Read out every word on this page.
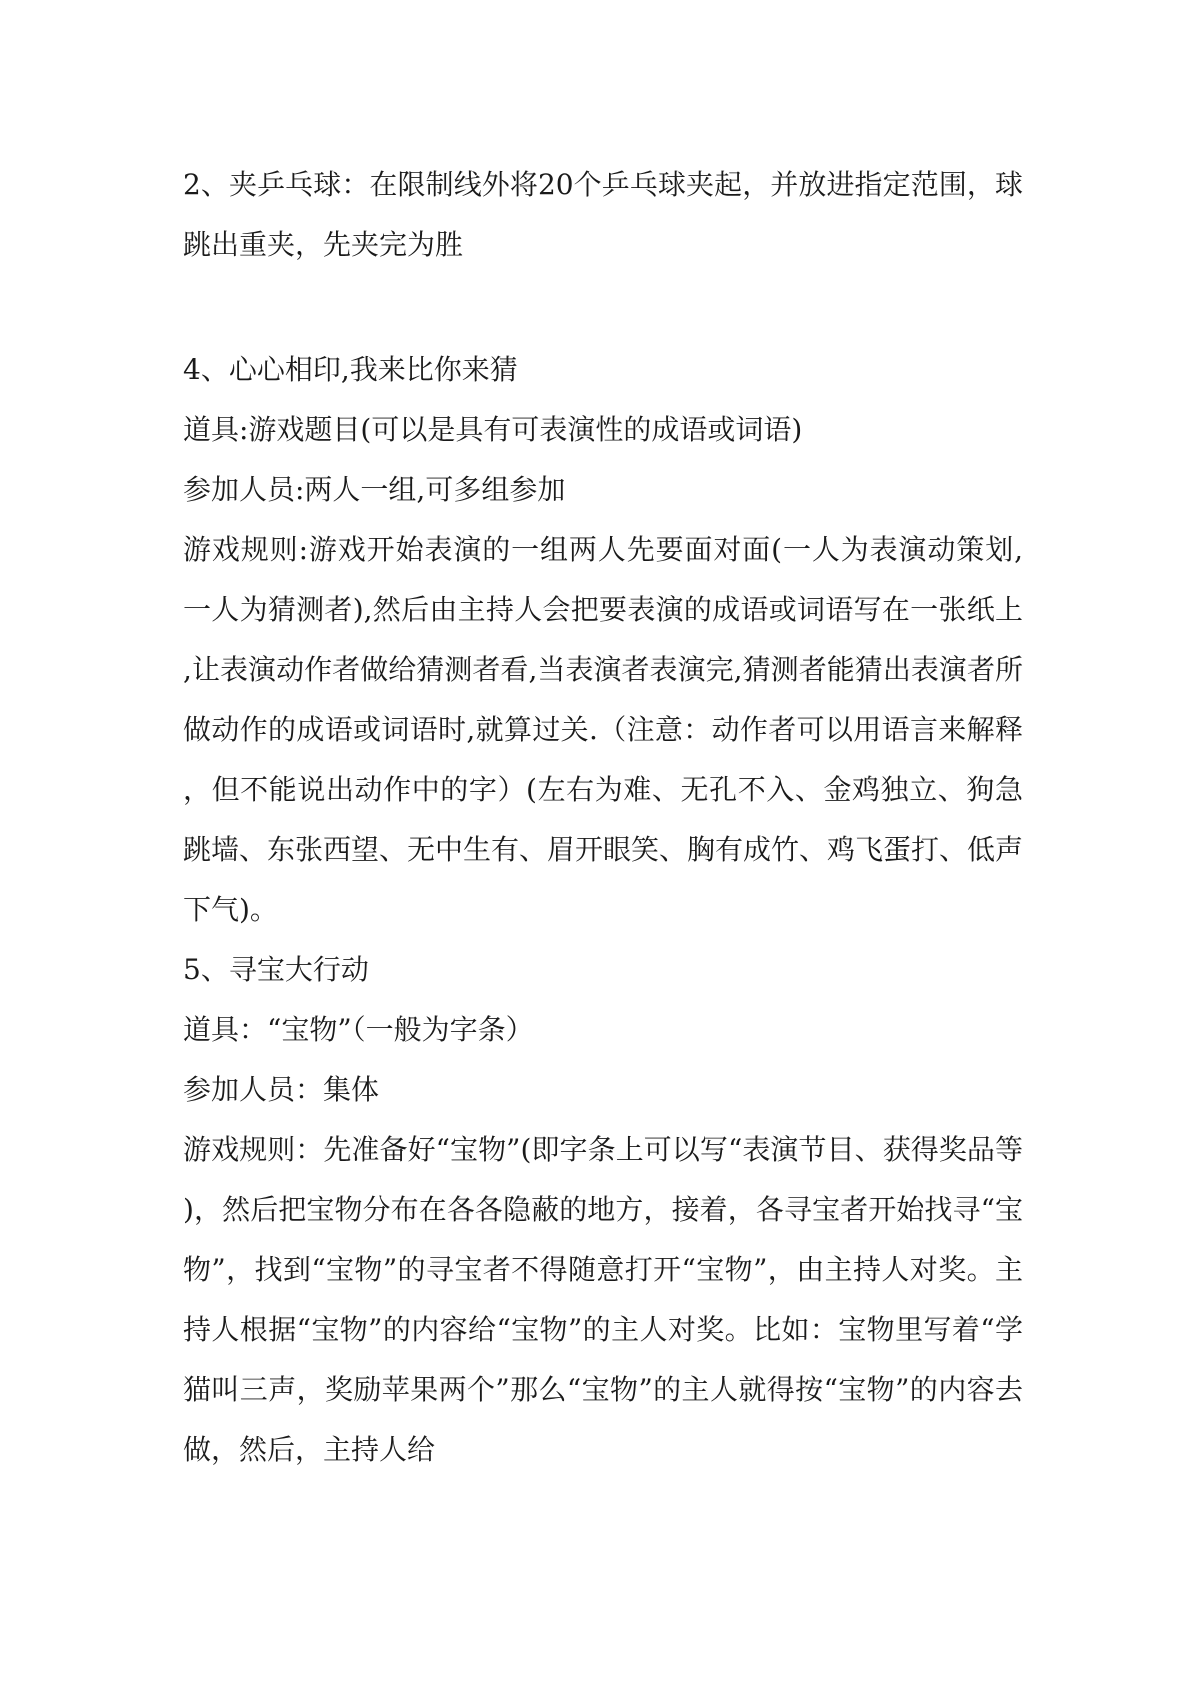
2、夹乒乓球：在限制线外将20个乒乓球夹起，并放进指定范围，球跳出重夹，先夹完为胜

4、心心相印,我来比你来猜

道具:游戏题目(可以是具有可表演性的成语或词语)

参加人员:两人一组,可多组参加

游戏规则:游戏开始表演的一组两人先要面对面(一人为表演动策划,一人为猜测者),然后由主持人会把要表演的成语或词语写在一张纸上,让表演动作者做给猜测者看,当表演者表演完,猜测者能猜出表演者所做动作的成语或词语时,就算过关.（注意：动作者可以用语言来解释，但不能说出动作中的字）(左右为难、无孔不入、金鸡独立、狗急跳墙、东张西望、无中生有、眉开眼笑、胸有成竹、鸡飞蛋打、低声下气)。

5、寻宝大行动

道具：“宝物”（一般为字条）

参加人员：集体

游戏规则：先准备好“宝物”(即字条上可以写“表演节目、获得奖品等)，然后把宝物分布在各各隐蔽的地方，接着，各寻宝者开始找寻“宝物”，找到“宝物”的寻宝者不得随意打开“宝物”，由主持人对奖。主持人根据“宝物”的内容给“宝物”的主人对奖。比如：宝物里写着“学猫叫三声，奖励苹果两个”那么“宝物”的主人就得按“宝物”的内容去做，然后，主持人给
